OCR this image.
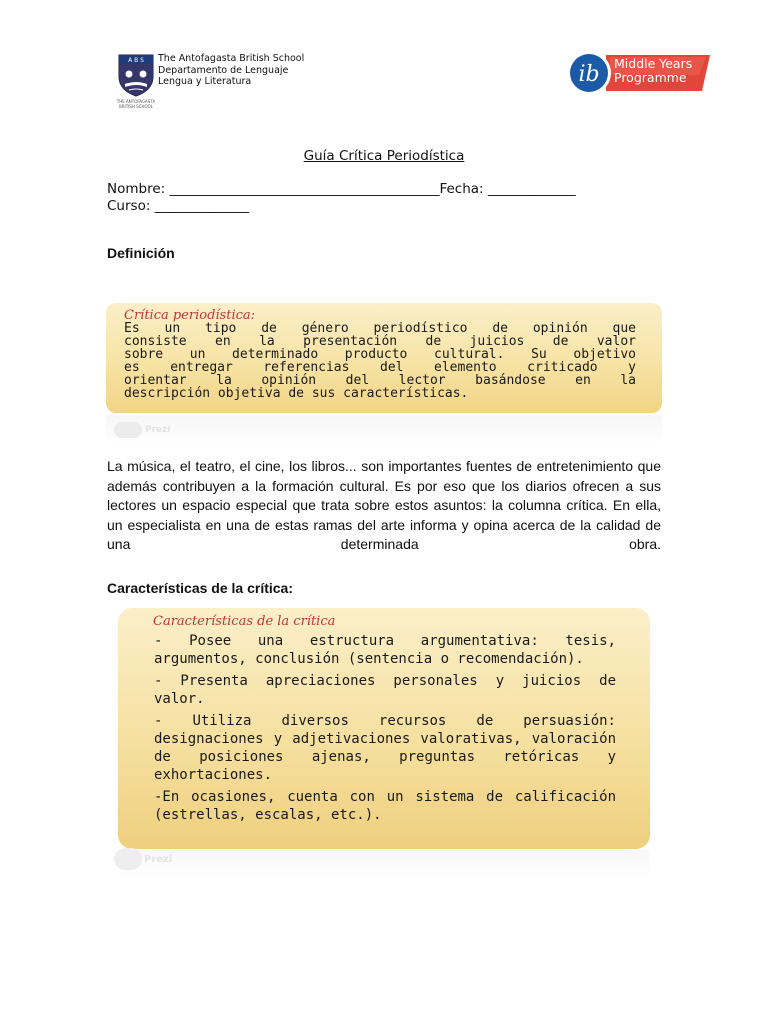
A B S
THE ANTOFAGASTA BRITISH SCHOOL
The Antofagasta British School
Departamento de Lenguaje
Lengua y Literatura	ib Middle Years
Programme
Guía Crítica Periodística
Nombre: ________________________________________Fecha: _____________
Curso: ______________
Definición
Crítica periodística:
Es un tipo de género periodístico de opinión que
consiste en la presentación de juicios de valor
sobre un determinado producto cultural. Su objetivo
es entregar referencias del elemento criticado y
orientar la opinión del lector basándose en la
descripción objetiva de sus características.
Prezi
La música, el teatro, el cine, los libros... son importantes fuentes de entretenimiento que además contribuyen a la formación cultural. Es por eso que los diarios ofrecen a sus lectores un espacio especial que trata sobre estos asuntos: la columna crítica. En ella, un especialista en una de estas ramas del arte informa y opina acerca de la calidad de una determinada obra.
Características de la crítica:
Características de la crítica
- Posee una estructura argumentativa: tesis, argumentos, conclusión (sentencia o recomendación).
- Presenta apreciaciones personales y juicios de valor.
- Utiliza diversos recursos de persuasión: designaciones y adjetivaciones valorativas, valoración de posiciones ajenas, preguntas retóricas y exhortaciones.
-En ocasiones, cuenta con un sistema de calificación (estrellas, escalas, etc.).
Prezi
